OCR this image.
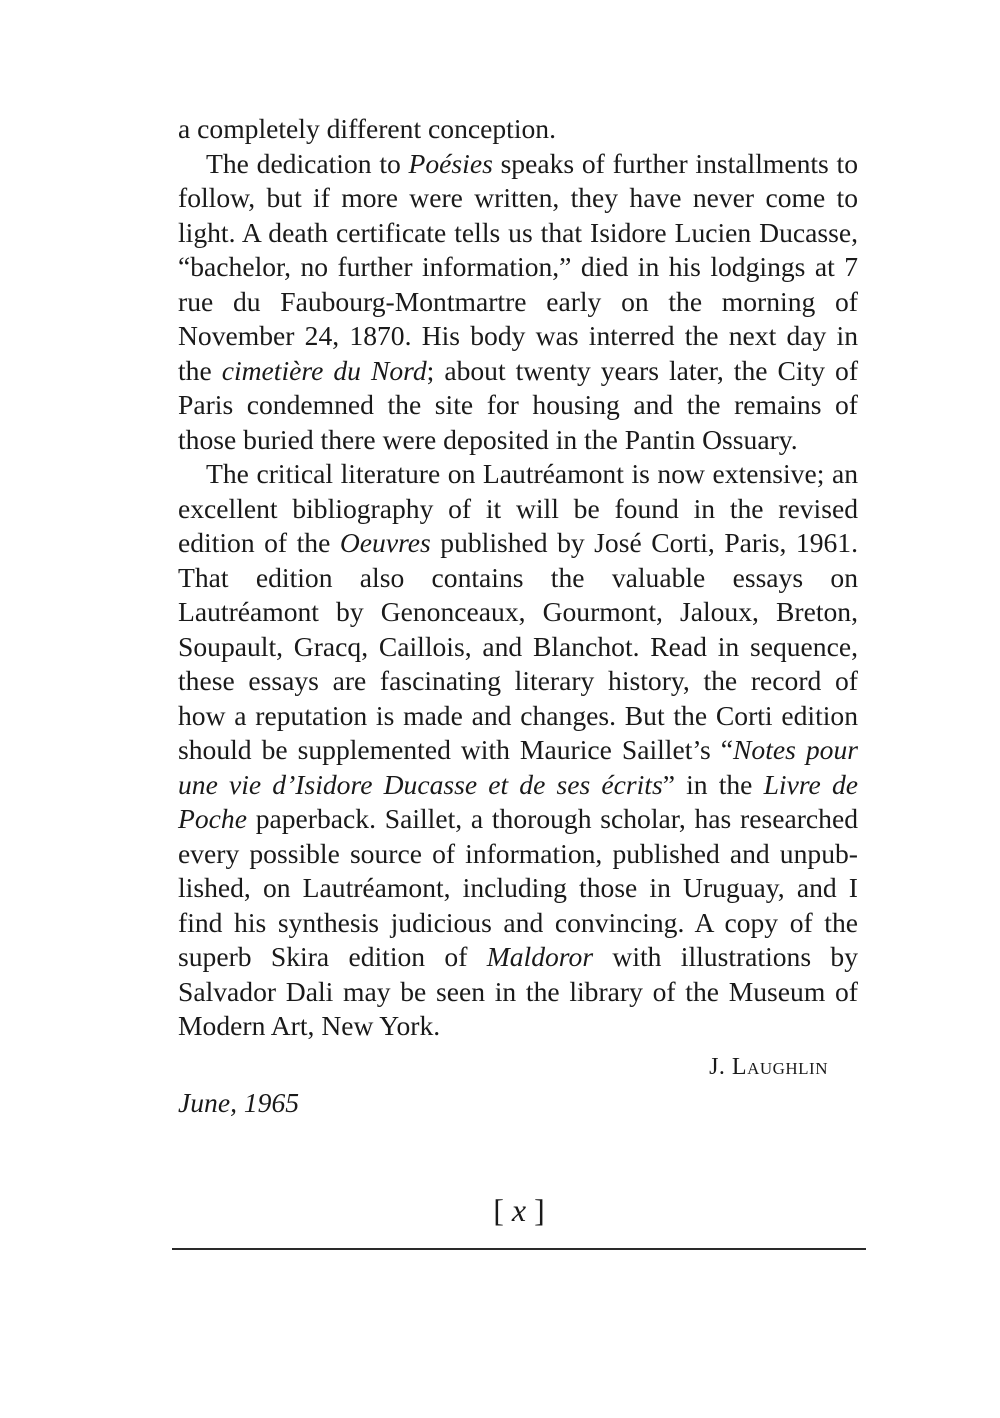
a completely different conception.

The dedication to Poésies speaks of further installments to follow, but if more were written, they have never come to light. A death certificate tells us that Isidore Lucien Ducasse, “bachelor, no further information,” died in his lodgings at 7 rue du Faubourg-Montmartre early on the morning of November 24, 1870. His body was interred the next day in the cimetière du Nord; about twenty years later, the City of Paris condemned the site for housing and the remains of those buried there were deposited in the Pantin Ossuary.

The critical literature on Lautréamont is now extensive; an excellent bibliography of it will be found in the revised edition of the Oeuvres published by José Corti, Paris, 1961. That edition also contains the valuable essays on Lautréamont by Genonceaux, Gourmont, Jaloux, Breton, Soupault, Gracq, Caillois, and Blanchot. Read in sequence, these essays are fascinating literary history, the record of how a reputation is made and changes. But the Corti edition should be supplemented with Maurice Saillet’s “Notes pour une vie d’Isidore Ducasse et de ses écrits” in the Livre de Poche paperback. Saillet, a thorough scholar, has researched every possible source of information, published and unpublished, on Lautréamont, including those in Uruguay, and I find his synthesis judicious and convincing. A copy of the superb Skira edition of Maldoror with illustrations by Salvador Dali may be seen in the library of the Museum of Modern Art, New York.

J. Laughlin
June, 1965
[ x ]
